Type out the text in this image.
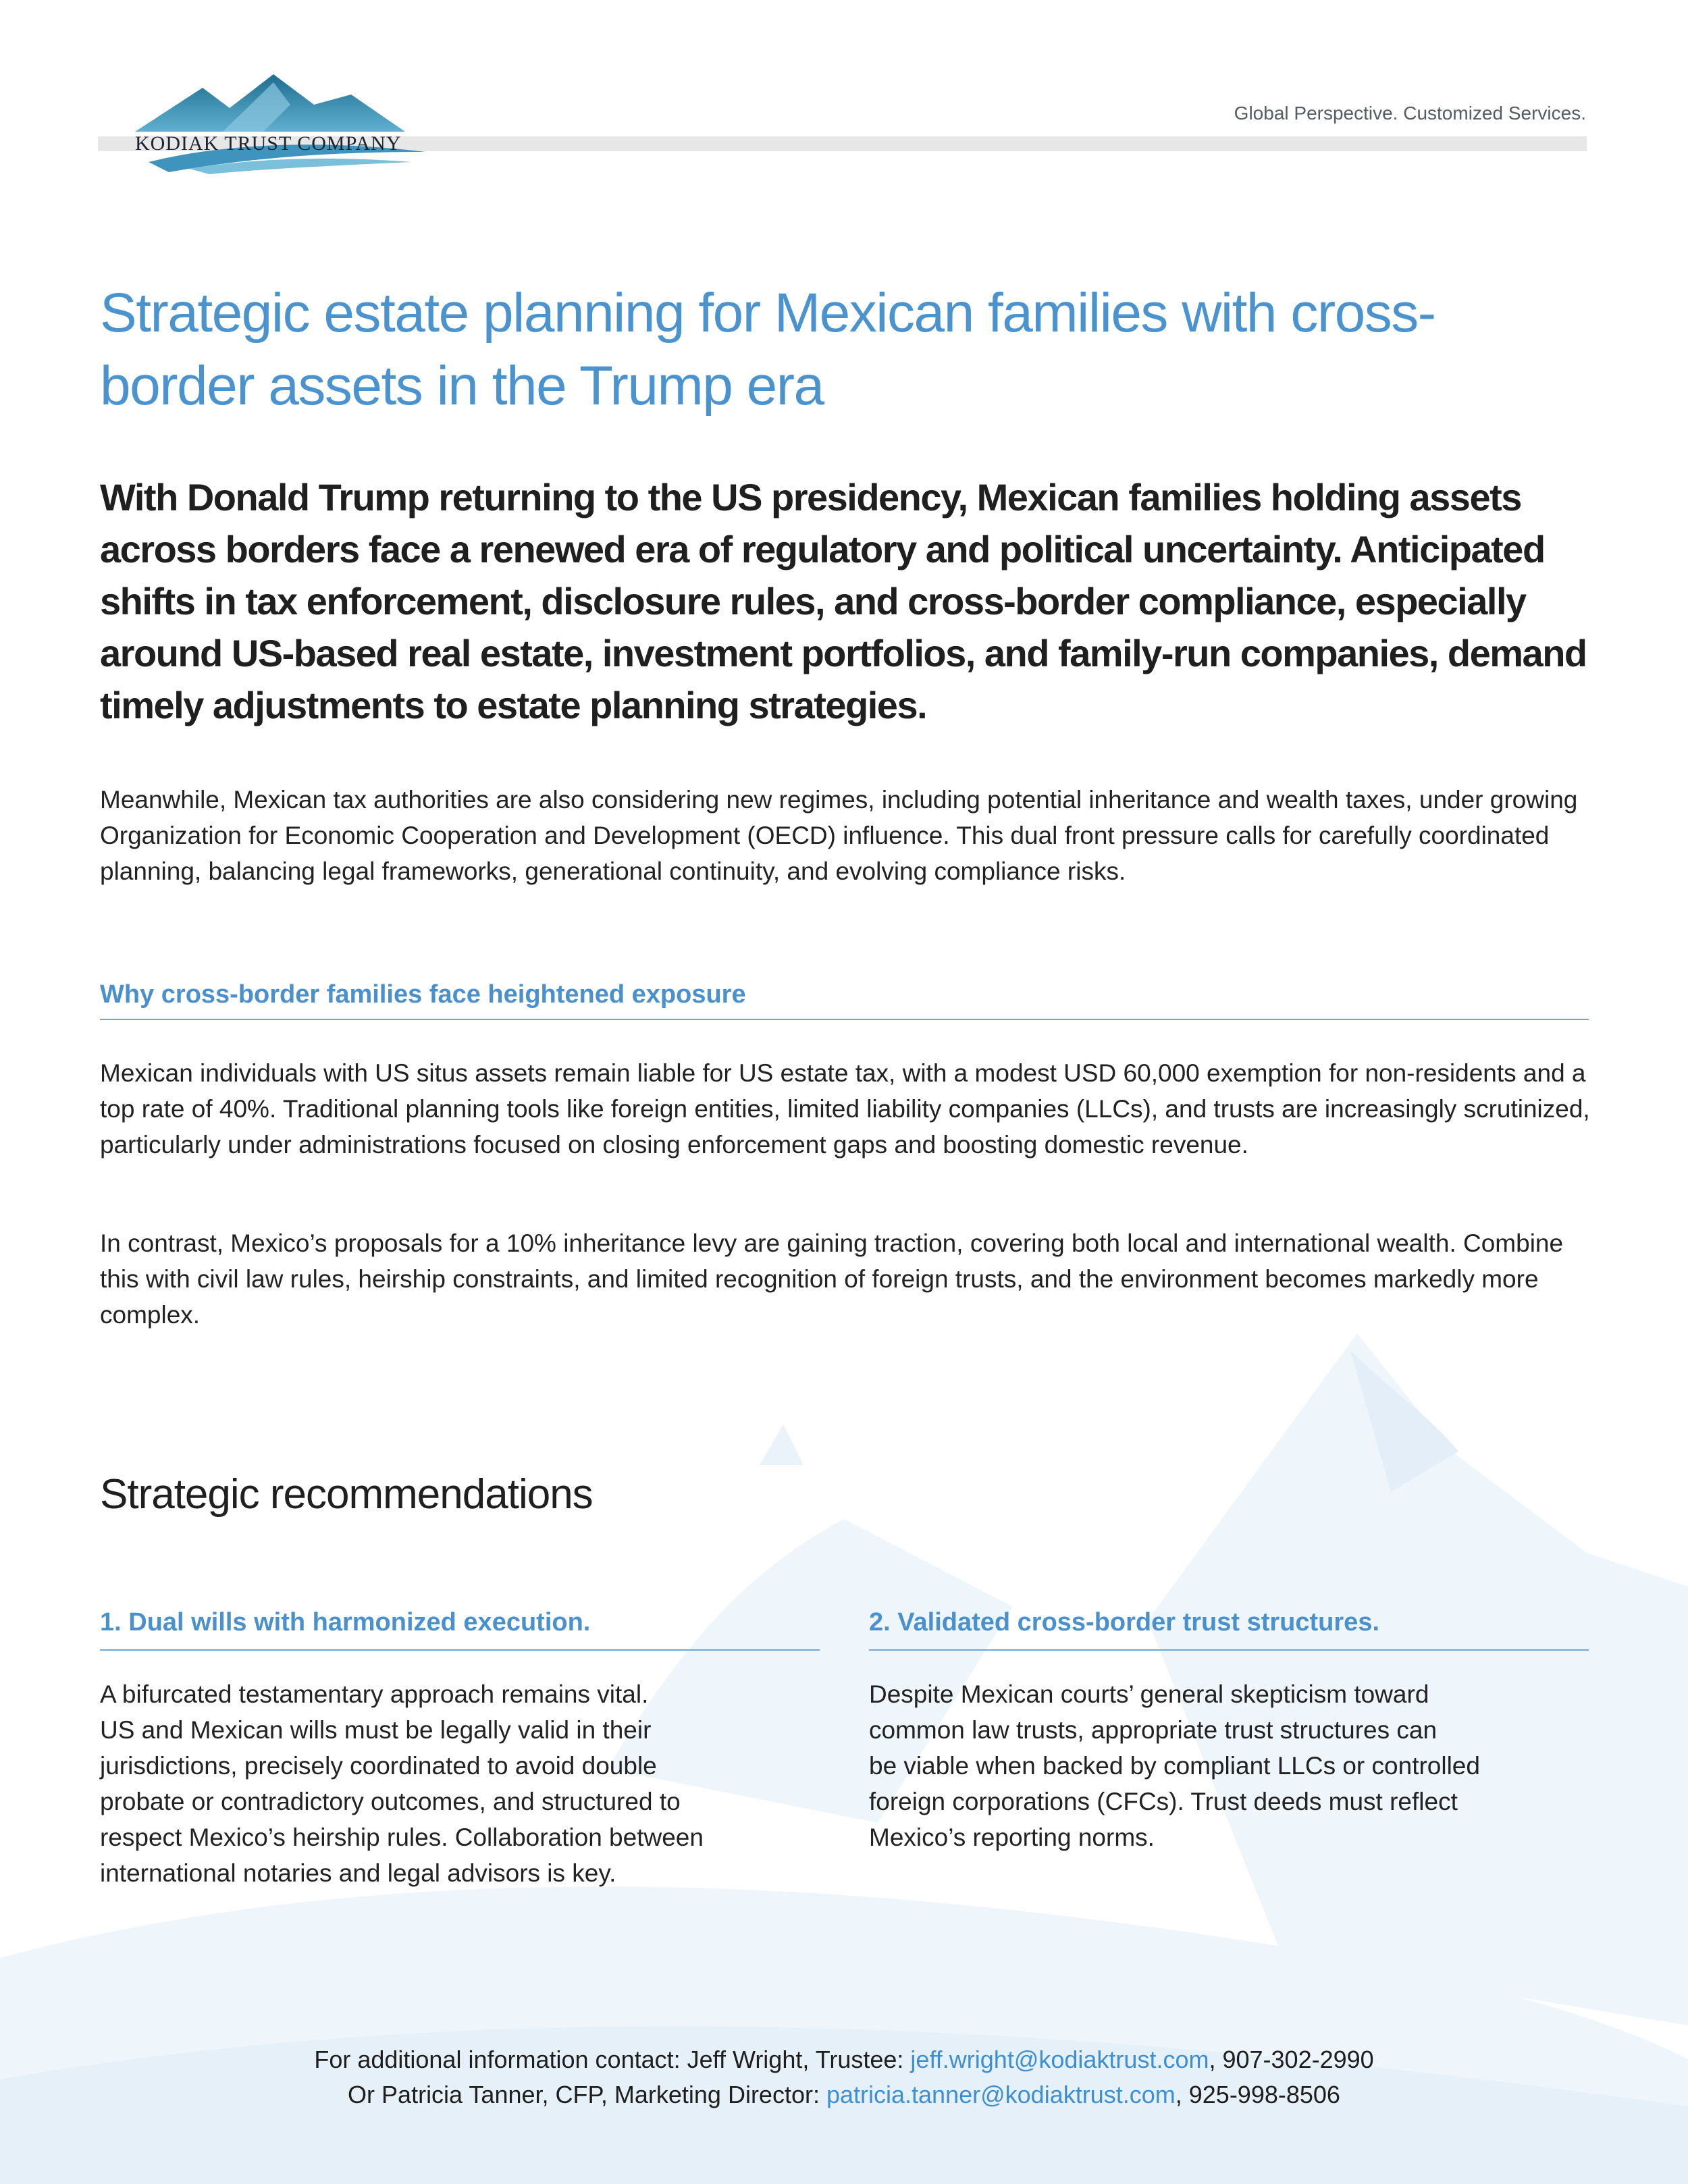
KODIAK TRUST COMPANY
Global Perspective. Customized Services.
Strategic estate planning for Mexican families with cross-border assets in the Trump era

With Donald Trump returning to the US presidency, Mexican families holding assets across borders face a renewed era of regulatory and political uncertainty. Anticipated shifts in tax enforcement, disclosure rules, and cross-border compliance, especially around US-based real estate, investment portfolios, and family-run companies, demand timely adjustments to estate planning strategies.

Meanwhile, Mexican tax authorities are also considering new regimes, including potential inheritance and wealth taxes, under growing Organization for Economic Cooperation and Development (OECD) influence. This dual front pressure calls for carefully coordinated planning, balancing legal frameworks, generational continuity, and evolving compliance risks.

Why cross-border families face heightened exposure

Mexican individuals with US situs assets remain liable for US estate tax, with a modest USD 60,000 exemption for non-residents and a top rate of 40%. Traditional planning tools like foreign entities, limited liability companies (LLCs), and trusts are increasingly scrutinized, particularly under administrations focused on closing enforcement gaps and boosting domestic revenue.

In contrast, Mexico’s proposals for a 10% inheritance levy are gaining traction, covering both local and international wealth. Combine this with civil law rules, heirship constraints, and limited recognition of foreign trusts, and the environment becomes markedly more complex.

Strategic recommendations
1. Dual wills with harmonized execution.
A bifurcated testamentary approach remains vital.
US and Mexican wills must be legally valid in their
jurisdictions, precisely coordinated to avoid double
probate or contradictory outcomes, and structured to
respect Mexico’s heirship rules. Collaboration between
international notaries and legal advisors is key.
2. Validated cross-border trust structures.
Despite Mexican courts’ general skepticism toward
common law trusts, appropriate trust structures can
be viable when backed by compliant LLCs or controlled
foreign corporations (CFCs). Trust deeds must reflect
Mexico’s reporting norms.
For additional information contact: Jeff Wright, Trustee: jeff.wright@kodiaktrust.com, 907-302-2990
Or Patricia Tanner, CFP, Marketing Director: patricia.tanner@kodiaktrust.com, 925-998-8506
